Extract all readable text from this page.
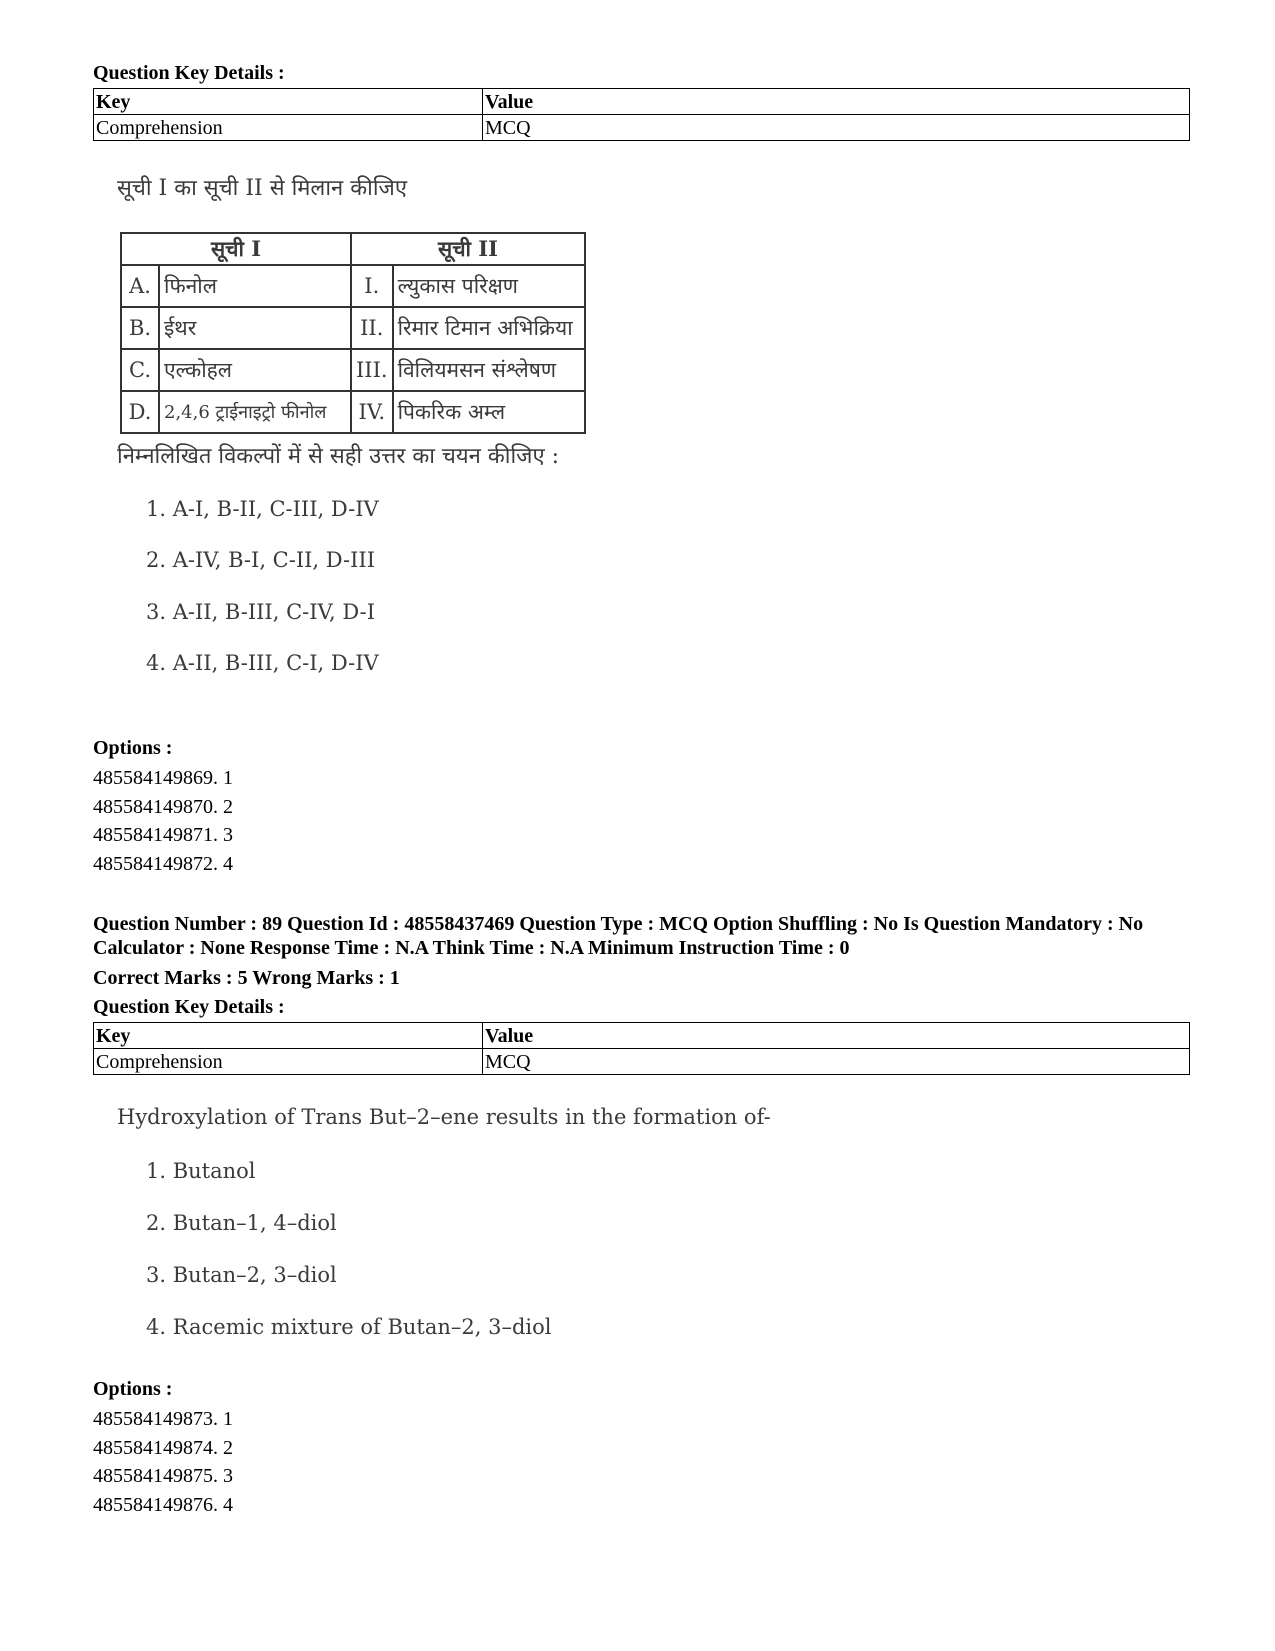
Question Key Details :
Key	Value
Comprehension	MCQ
सूची I का सूची II से मिलान कीजिए
सूची I		सूची II	
A.	फिनोल	I.	ल्युकास परिक्षण
B.	ईथर	II.	रिमार टिमान अभिक्रिया
C.	एल्कोहल	III.	विलियमसन संश्लेषण
D.	2,4,6 ट्राईनाइट्रो फीनोल	IV.	पिकरिक अम्ल
निम्नलिखित विकल्पों में से सही उत्तर का चयन कीजिए :
1. A-I, B-II, C-III, D-IV
2. A-IV, B-I, C-II, D-III
3. A-II, B-III, C-IV, D-I
4. A-II, B-III, C-I, D-IV
Options :
485584149869. 1
485584149870. 2
485584149871. 3
485584149872. 4
Question Number : 89 Question Id : 48558437469 Question Type : MCQ Option Shuffling : No Is Question Mandatory : No Calculator : None Response Time : N.A Think Time : N.A Minimum Instruction Time : 0
Correct Marks : 5 Wrong Marks : 1
Question Key Details :
Key	Value
Comprehension	MCQ
Hydroxylation of Trans But–2–ene results in the formation of-
1. Butanol
2. Butan–1, 4–diol
3. Butan–2, 3–diol
4. Racemic mixture of Butan–2, 3–diol
Options :
485584149873. 1
485584149874. 2
485584149875. 3
485584149876. 4
